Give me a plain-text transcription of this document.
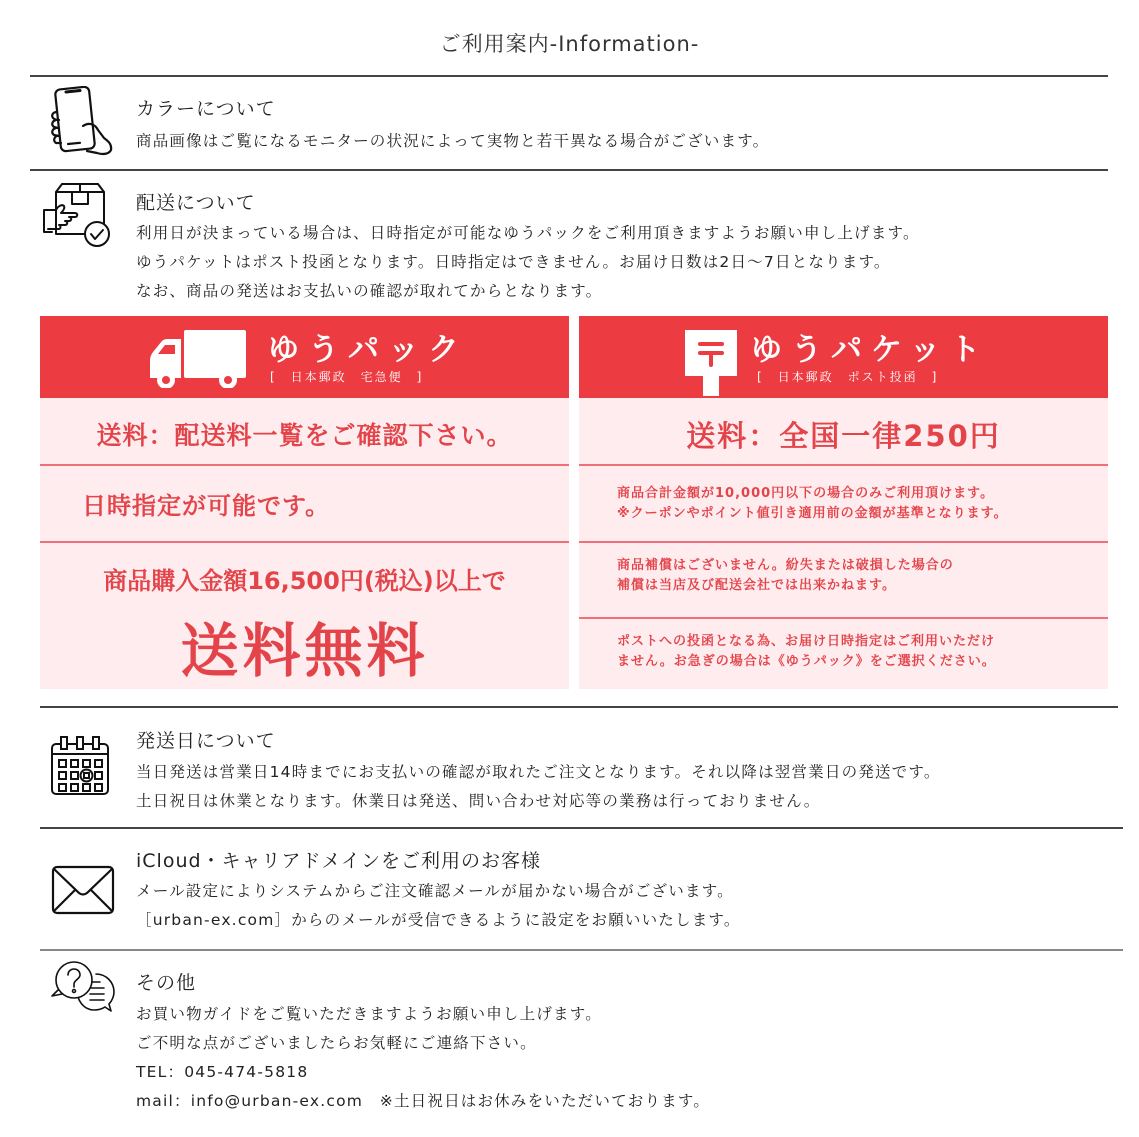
ご利用案内-Information-
カラーについて
商品画像はご覧になるモニターの状況によって実物と若干異なる場合がございます。
配送について
利用日が決まっている場合は、日時指定が可能なゆうパックをご利用頂きますようお願い申し上げます。
ゆうパケットはポスト投函となります。日時指定はできません。お届け日数は2日〜7日となります。
なお、商品の発送はお支払いの確認が取れてからとなります。
ゆうパック
[　日本郵政　宅急便　]
送料：配送料一覧をご確認下さい。
日時指定が可能です。
商品購入金額16,500円(税込)以上で
送料無料
ゆうパケット
[　日本郵政　ポスト投函　]
送料：全国一律250円
商品合計金額が10,000円以下の場合のみご利用頂けます。
※クーポンやポイント値引き適用前の金額が基準となります。
商品補償はございません。紛失または破損した場合の
補償は当店及び配送会社では出来かねます。
ポストへの投函となる為、お届け日時指定はご利用いただけ
ません。お急ぎの場合は《ゆうパック》をご選択ください。
発送日について
当日発送は営業日14時までにお支払いの確認が取れたご注文となります。それ以降は翌営業日の発送です。
土日祝日は休業となります。休業日は発送、問い合わせ対応等の業務は行っておりません。
iCloud・キャリアドメインをご利用のお客様
メール設定によりシステムからご注文確認メールが届かない場合がございます。
［urban-ex.com］からのメールが受信できるように設定をお願いいたします。
その他
お買い物ガイドをご覧いただきますようお願い申し上げます。
ご不明な点がございましたらお気軽にご連絡下さい。
TEL：045-474-5818
mail：info@urban-ex.com　※土日祝日はお休みをいただいております。
